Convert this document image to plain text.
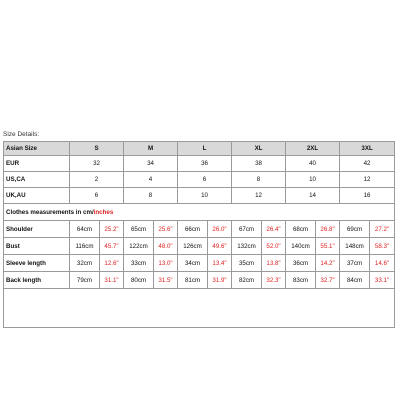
Size Details:
Asian Size	S		M		L		XL		2XL		3XL	
EUR	32		34		36		38		40		42	
US,CA	2		4		6		8		10		12	
UK,AU	6		8		10		12		14		16	
Clothes measurements in cm/inches												
Shoulder	64cm	25.2"	65cm	25.6"	66cm	26.0"	67cm	26.4"	68cm	26.8"	69cm	27.2"
Bust	116cm	45.7"	122cm	48.0"	126cm	49.6"	132cm	52.0"	140cm	55.1"	148cm	58.3"
Sleeve length	32cm	12.6"	33cm	13.0"	34cm	13.4"	35cm	13.8"	36cm	14.2"	37cm	14.6"
Back length	79cm	31.1"	80cm	31.5"	81cm	31.9"	82cm	32.3"	83cm	32.7"	84cm	33.1"
